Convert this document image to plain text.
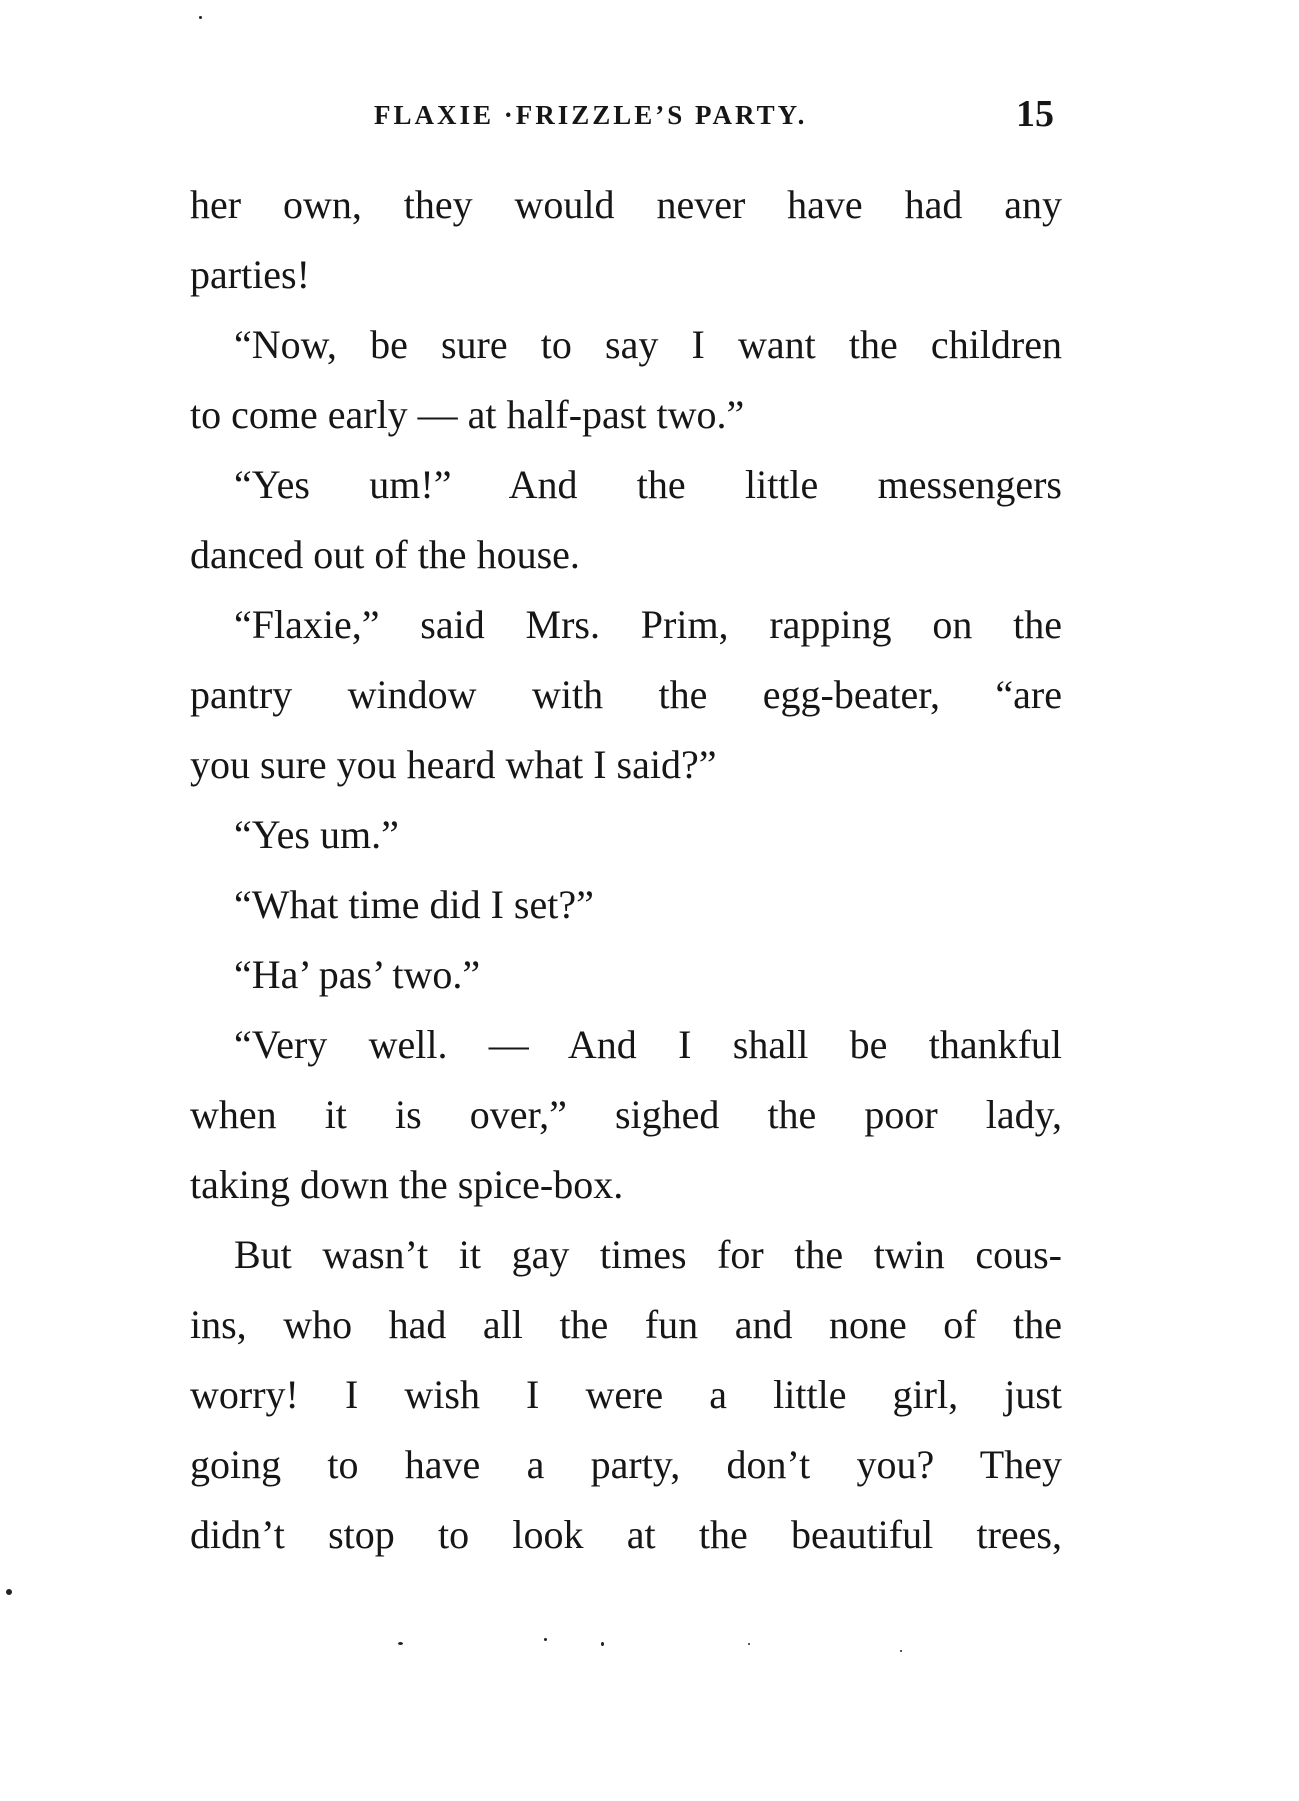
FLAXIE ·FRIZZLE’S PARTY.	15
her own, they would never have had any
parties!
“Now, be sure to say I want the children
to come early — at half-past two.”
“Yes um!” And the little messengers
danced out of the house.
“Flaxie,” said Mrs. Prim, rapping on the
pantry window with the egg-beater, “are
you sure you heard what I said?”
“Yes um.”
“What time did I set?”
“Ha’ pas’ two.”
“Very well. — And I shall be thankful
when it is over,” sighed the poor lady,
taking down the spice-box.
But wasn’t it gay times for the twin cous-
ins, who had all the fun and none of the
worry! I wish I were a little girl, just
going to have a party, don’t you? They
didn’t stop to look at the beautiful trees,
